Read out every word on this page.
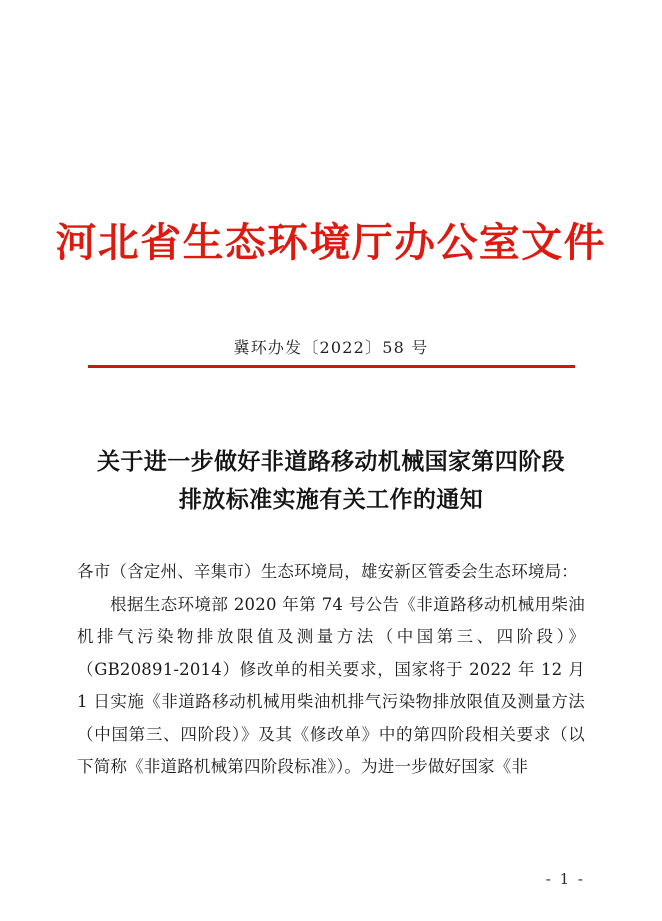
河北省生态环境厅办公室文件
冀环办发〔2022〕58 号
关于进一步做好非道路移动机械国家第四阶段
排放标准实施有关工作的通知

各市（含定州、辛集市）生态环境局，雄安新区管委会生态环境局：

根据生态环境部 2020 年第 74 号公告《非道路移动机械用柴油机排气污染物排放限值及测量方法（中国第三、四阶段）》（GB20891-2014）修改单的相关要求，国家将于 2022 年 12 月 1 日实施《非道路移动机械用柴油机排气污染物排放限值及测量方法（中国第三、四阶段）》及其《修改单》中的第四阶段相关要求（以下简称《非道路机械第四阶段标准》）。为进一步做好国家《非

- 1 -
